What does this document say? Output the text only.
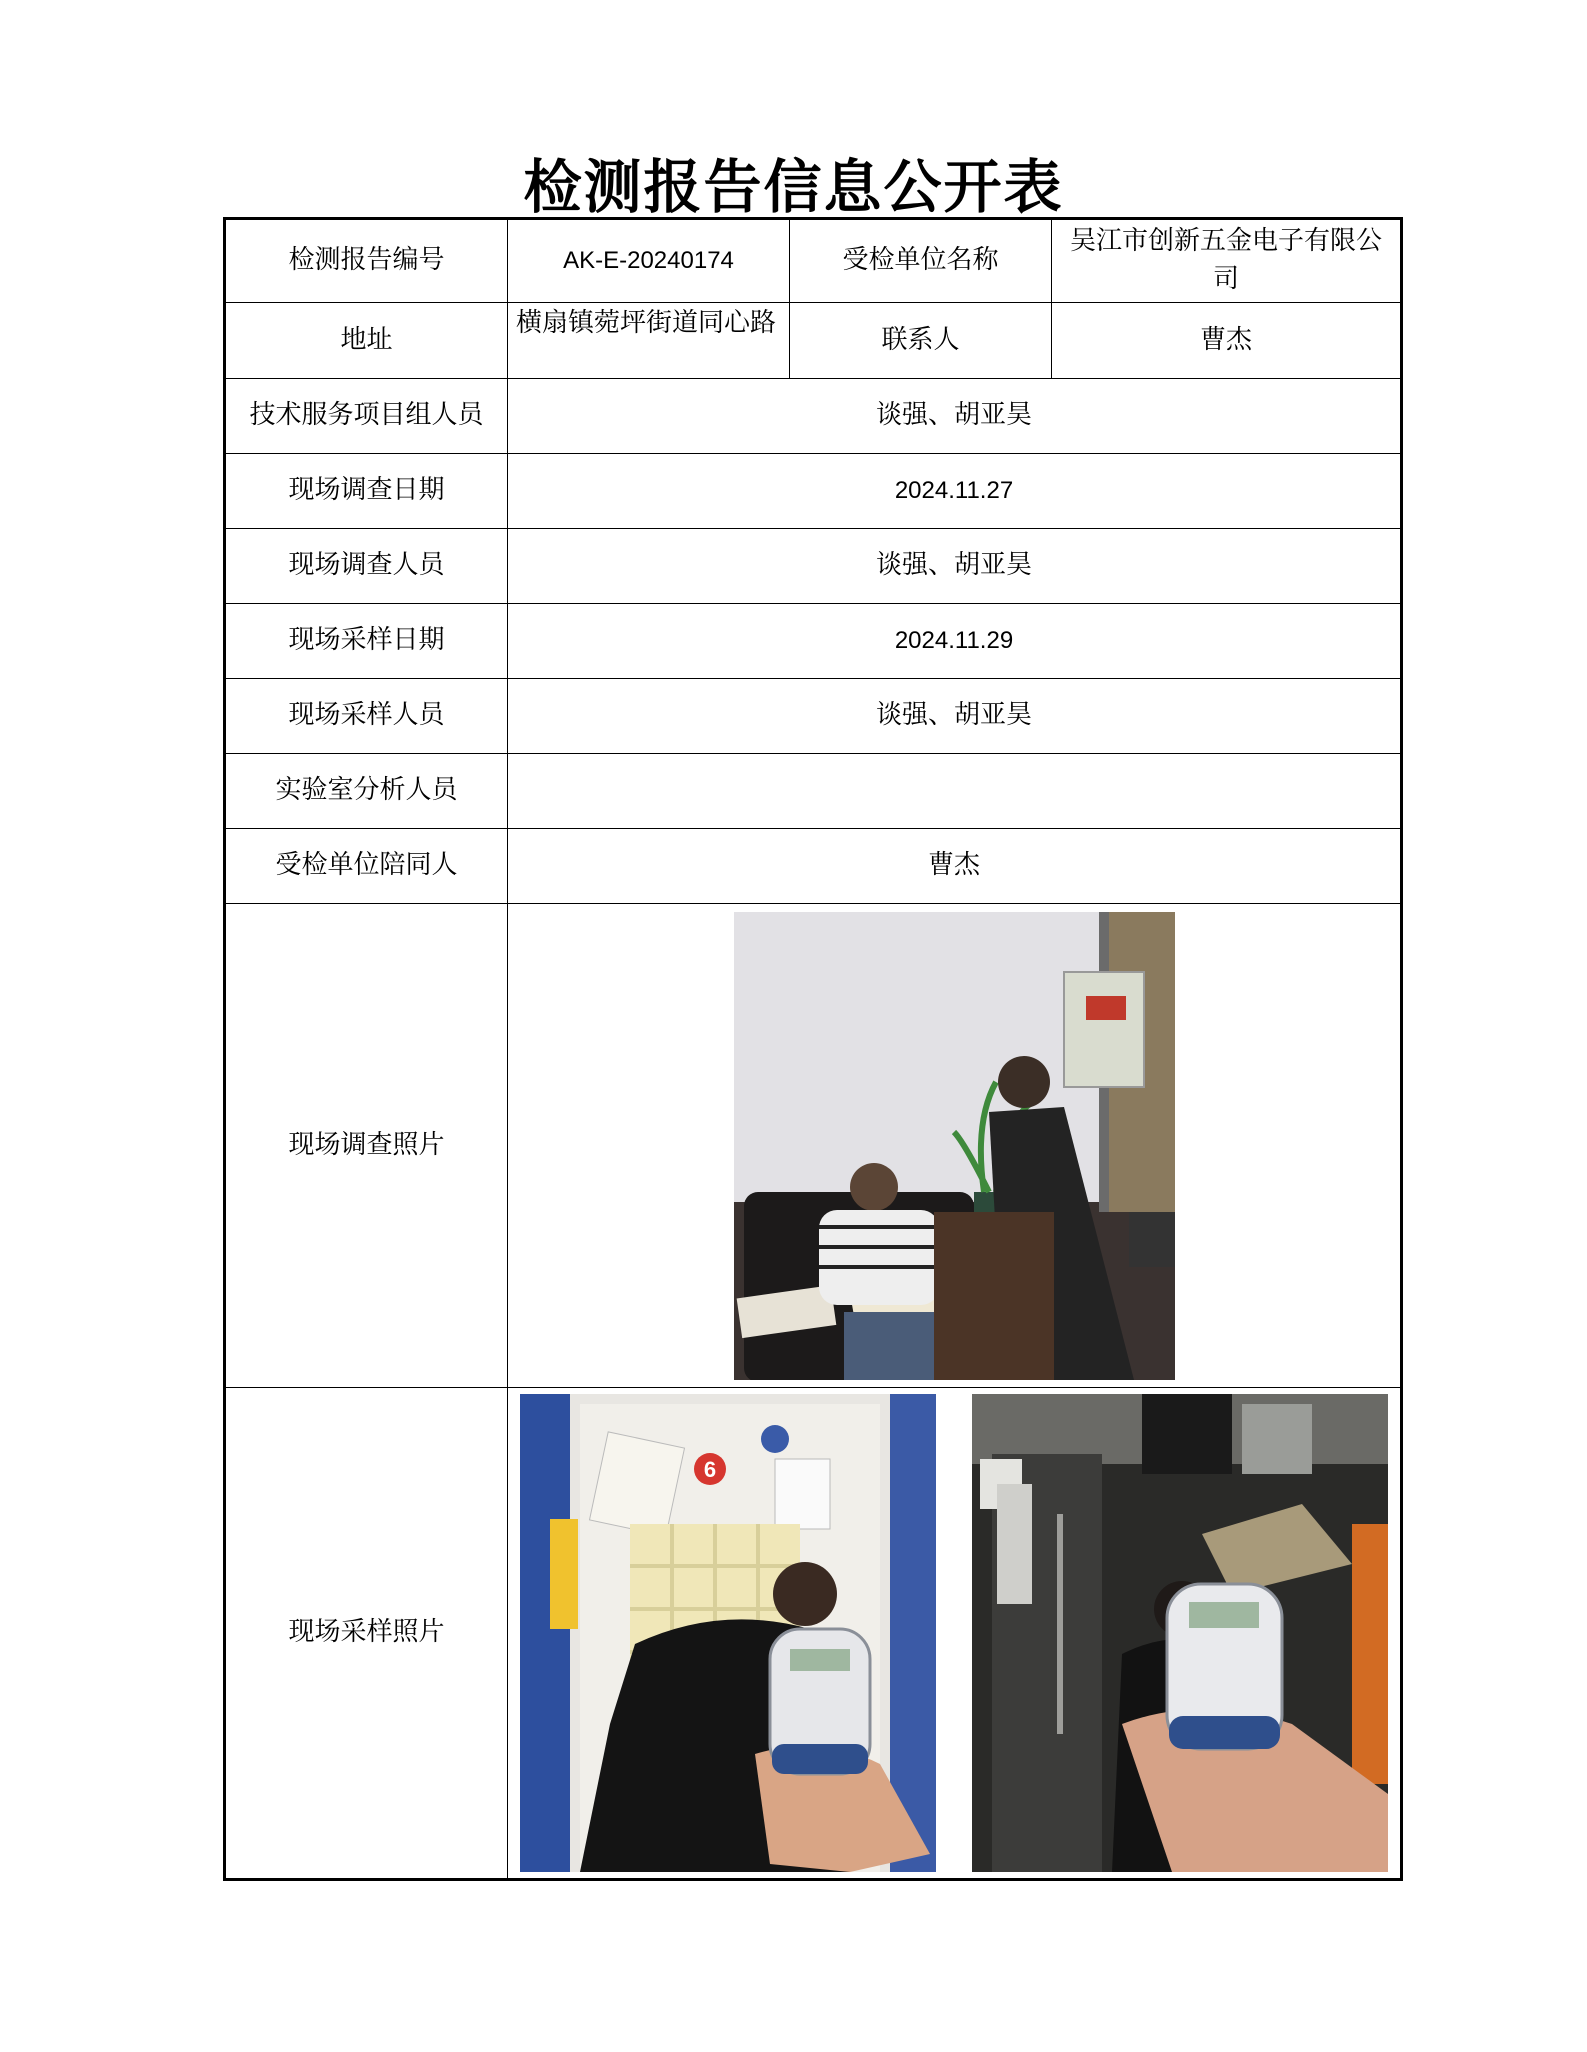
检测报告信息公开表
检测报告编号	AK-E-20240174	受检单位名称	吴江市创新五金电子有限公司
地址	横扇镇菀坪街道同心路	联系人	曹杰
技术服务项目组人员	谈强、胡亚昊		
现场调查日期	2024.11.27		
现场调查人员	谈强、胡亚昊		
现场采样日期	2024.11.29		
现场采样人员	谈强、胡亚昊		
实验室分析人员			
受检单位陪同人	曹杰		
现场调查照片	

现场采样照片	6		
